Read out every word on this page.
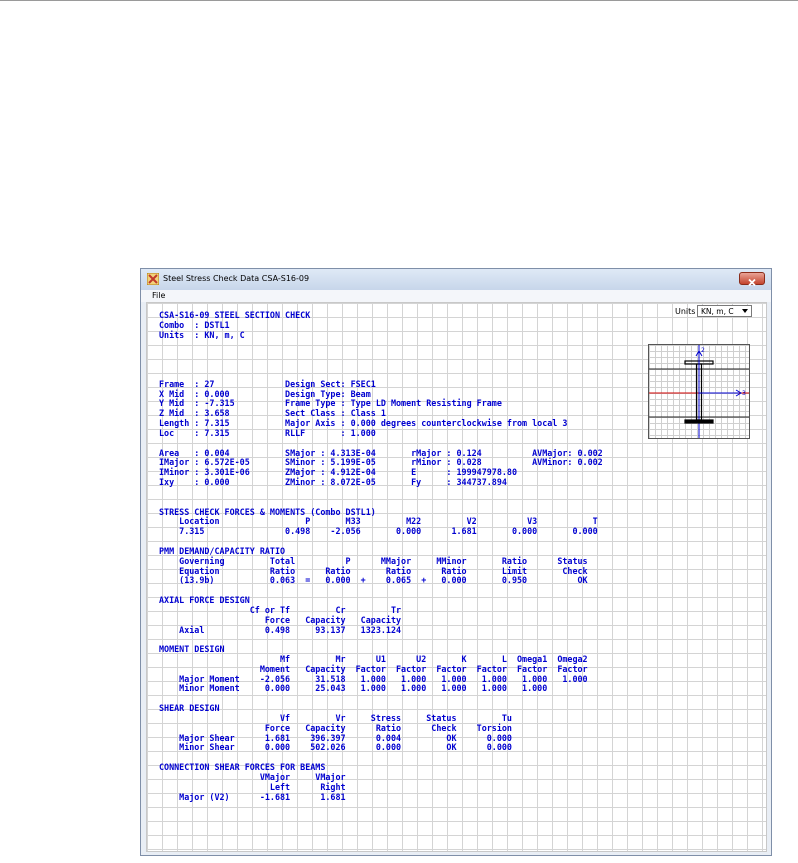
Steel Stress Check Data CSA-S16-09
File
CSA-S16-09 STEEL SECTION CHECK
Combo  : DSTL1
Units  : KN, m, C
Frame  : 27              Design Sect: FSEC1
X Mid  : 0.000           Design Type: Beam
Y Mid  : -7.315          Frame Type : Type LD Moment Resisting Frame
Z Mid  : 3.658           Sect Class : Class 1
Length : 7.315           Major Axis : 0.000 degrees counterclockwise from local 3
Loc    : 7.315           RLLF       : 1.000
Area   : 0.004           SMajor : 4.313E-04       rMajor : 0.124          AVMajor: 0.002
IMajor : 6.572E-05       SMinor : 5.199E-05       rMinor : 0.028          AVMinor: 0.002
IMinor : 3.301E-06       ZMajor : 4.912E-04       E      : 199947978.80
Ixy    : 0.000           ZMinor : 8.072E-05       Fy     : 344737.894
STRESS CHECK FORCES & MOMENTS (Combo DSTL1)
Location                 P       M33         M22         V2          V3           T
7.315                0.498    -2.056       0.000      1.681       0.000       0.000
PMM DEMAND/CAPACITY RATIO
Governing         Total          P      MMajor     MMinor       Ratio      Status
Equation          Ratio      Ratio       Ratio      Ratio       Limit       Check
(13.9b)           0.063  =   0.000  +    0.065  +   0.000       0.950          OK
AXIAL FORCE DESIGN
Cf or Tf         Cr         Tr
Force   Capacity   Capacity
Axial            0.498     93.137   1323.124
MOMENT DESIGN
Mf         Mr      U1      U2       K       L  Omega1  Omega2
Moment   Capacity  Factor  Factor  Factor  Factor  Factor  Factor
Major Moment    -2.056     31.518   1.000   1.000   1.000   1.000   1.000   1.000
Minor Moment     0.000     25.043   1.000   1.000   1.000   1.000   1.000
SHEAR DESIGN
Vf         Vr     Stress     Status         Tu
Force   Capacity      Ratio      Check    Torsion
Major Shear      1.681    396.397      0.004         OK      0.000
Minor Shear      0.000    502.026      0.000         OK      0.000
CONNECTION SHEAR FORCES FOR BEAMS
VMajor     VMajor
Left      Right
Major (V2)      -1.681      1.681
Units KN, m, C
2
3
